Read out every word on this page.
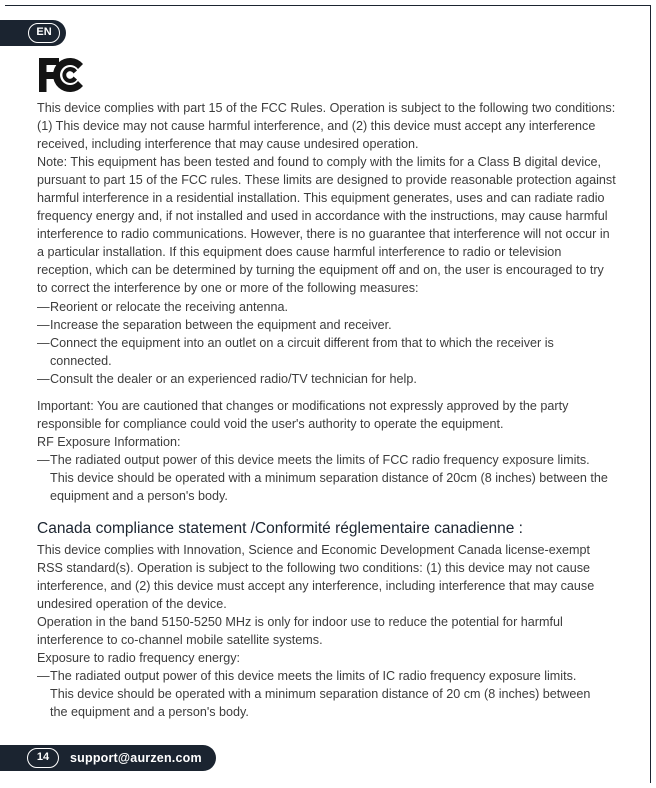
EN
This device complies with part 15 of the FCC Rules. Operation is subject to the following two conditions:
(1) This device may not cause harmful interference, and (2) this device must accept any interference
received, including interference that may cause undesired operation.
Note: This equipment has been tested and found to comply with the limits for a Class B digital device,
pursuant to part 15 of the FCC rules. These limits are designed to provide reasonable protection against
harmful interference in a residential installation. This equipment generates, uses and can radiate radio
frequency energy and, if not installed and used in accordance with the instructions, may cause harmful
interference to radio communications. However, there is no guarantee that interference will not occur in
a particular installation. If this equipment does cause harmful interference to radio or television
reception, which can be determined by turning the equipment off and on, the user is encouraged to try
to correct the interference by one or more of the following measures:
—Reorient or relocate the receiving antenna.
—Increase the separation between the equipment and receiver.
—Connect the equipment into an outlet on a circuit different from that to which the receiver is
connected.
—Consult the dealer or an experienced radio/TV technician for help.
Important: You are cautioned that changes or modifications not expressly approved by the party
responsible for compliance could void the user's authority to operate the equipment.
RF Exposure Information:
—The radiated output power of this device meets the limits of FCC radio frequency exposure limits.
This device should be operated with a minimum separation distance of 20cm (8 inches) between the
equipment and a person's body.
Canada compliance statement /Conformité réglementaire canadienne :
This device complies with Innovation, Science and Economic Development Canada license-exempt
RSS standard(s). Operation is subject to the following two conditions: (1) this device may not cause
interference, and (2) this device must accept any interference, including interference that may cause
undesired operation of the device.
Operation in the band 5150-5250 MHz is only for indoor use to reduce the potential for harmful
interference to co-channel mobile satellite systems.
Exposure to radio frequency energy:
—The radiated output power of this device meets the limits of IC radio frequency exposure limits.
This device should be operated with a minimum separation distance of 20 cm (8 inches) between
the equipment and a person's body.
14	support@aurzen.com
